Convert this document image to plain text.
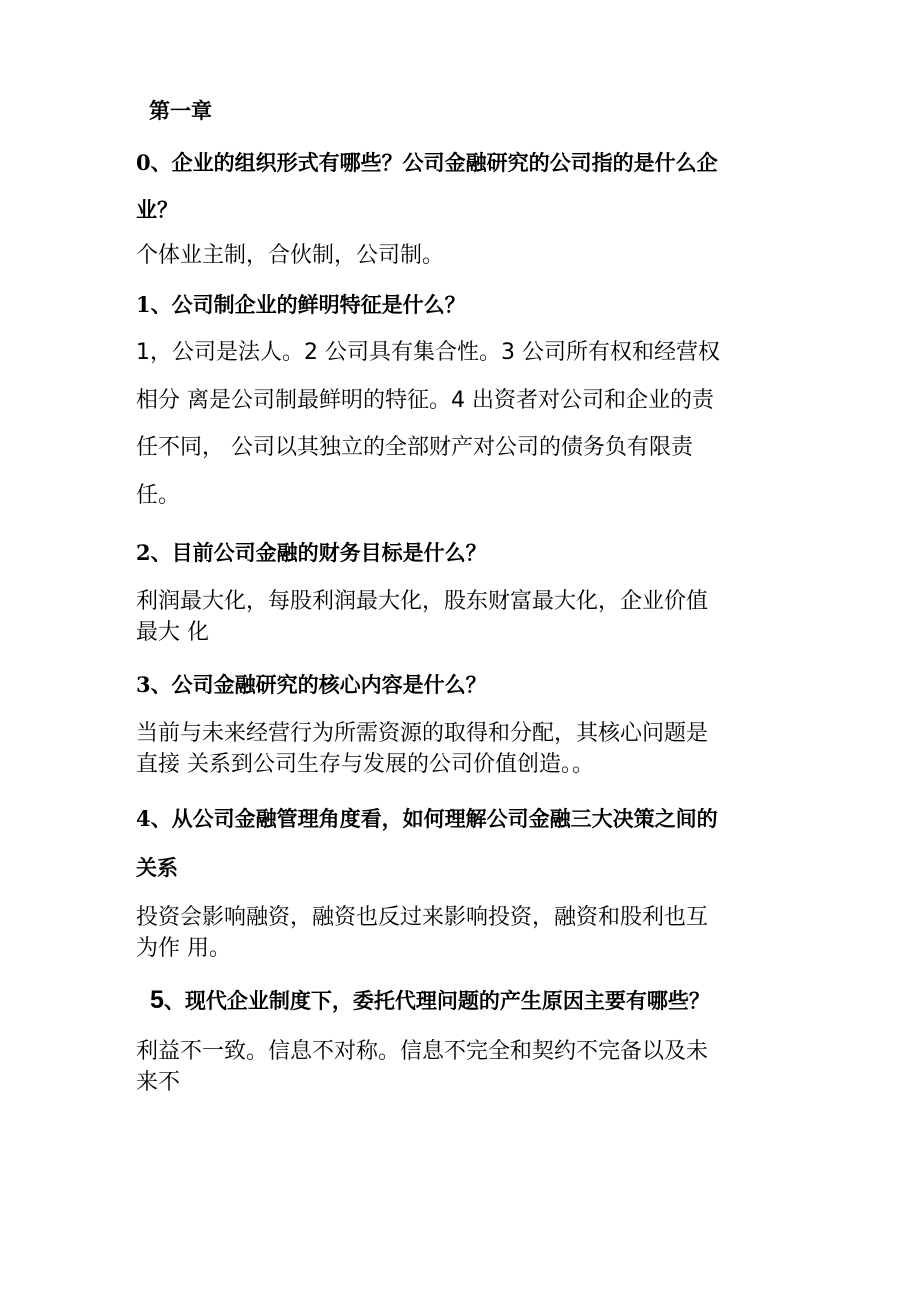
第一章
0、企业的组织形式有哪些？公司金融研究的公司指的是什么企
业？
个体业主制，合伙制，公司制。
1、公司制企业的鲜明特征是什么？
1，公司是法人。2 公司具有集合性。3 公司所有权和经营权
相分 离是公司制最鲜明的特征。4 出资者对公司和企业的责
任不同， 公司以其独立的全部财产对公司的债务负有限责
任。
2、目前公司金融的财务目标是什么？
利润最大化，每股利润最大化，股东财富最大化，企业价值
最大 化
3、公司金融研究的核心内容是什么？
当前与未来经营行为所需资源的取得和分配，其核心问题是
直接 关系到公司生存与发展的公司价值创造。。
4、从公司金融管理角度看，如何理解公司金融三大决策之间的
关系
投资会影响融资，融资也反过来影响投资，融资和股利也互
为作 用。
5、现代企业制度下，委托代理问题的产生原因主要有哪些？
利益不一致。信息不对称。信息不完全和契约不完备以及未
来不
